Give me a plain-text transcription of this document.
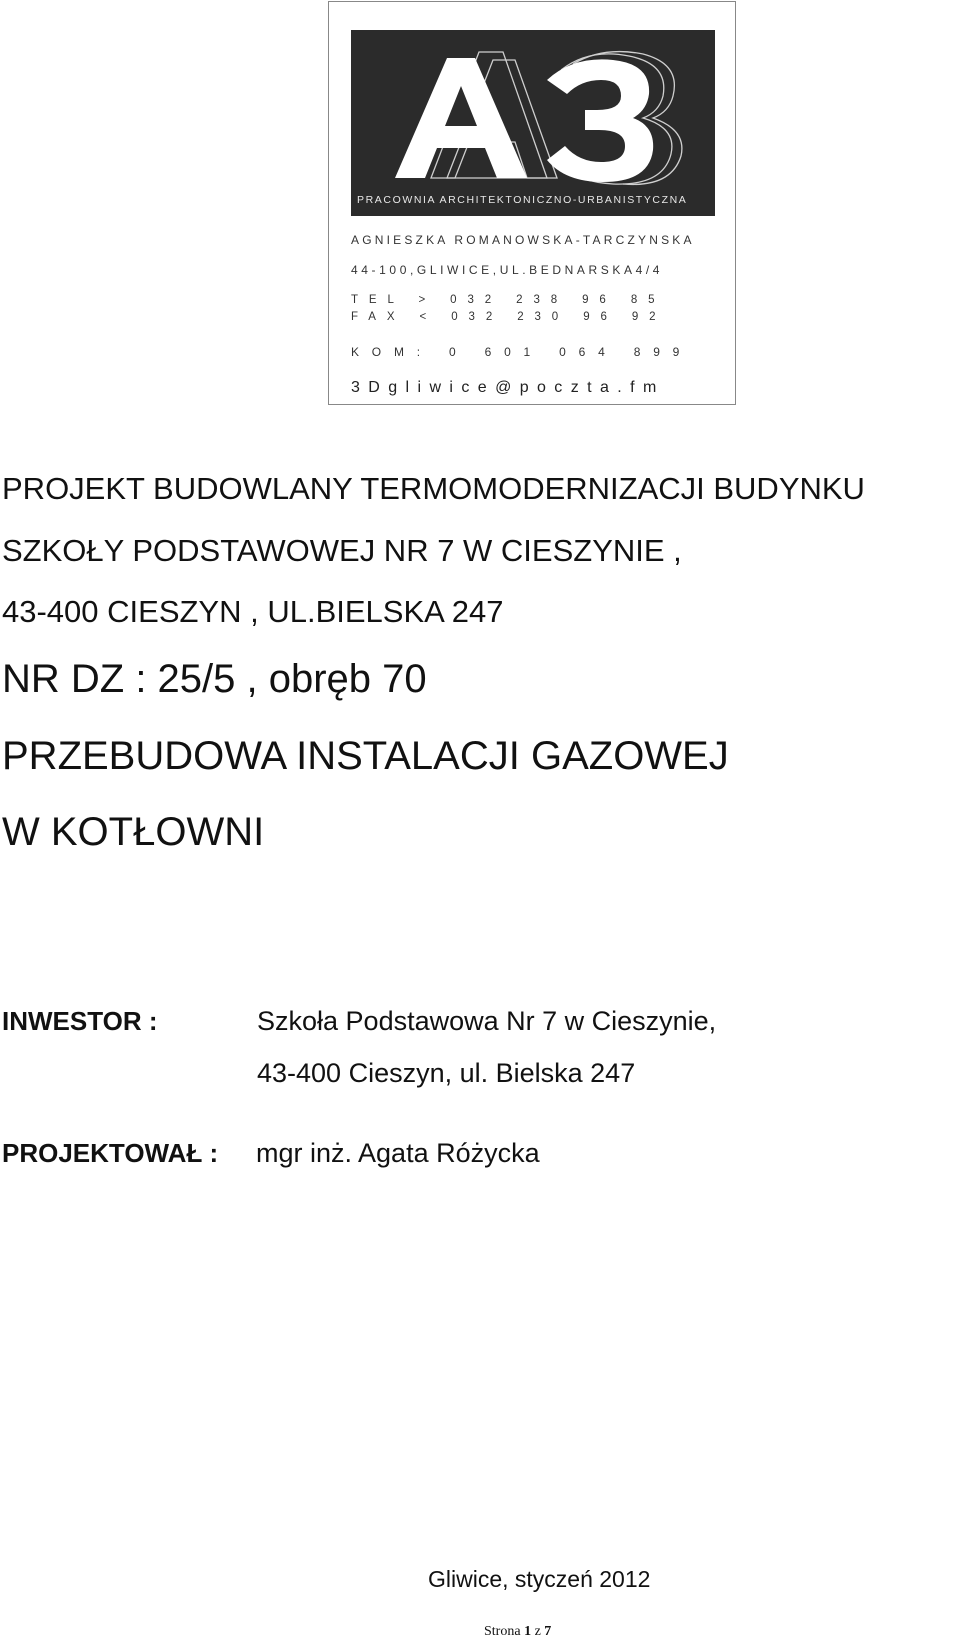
PRACOWNIA ARCHITEKTONICZNO-URBANISTYCZNA
AGNIESZKA ROMANOWSKA-TARCZYNSKA
44-100,GLIWICE,UL.BEDNARSKA4/4
TEL > 032 238 96 85
FAX < 032 230 96 92
KOM: 0 601 064 899
3Dgliwice@poczta.fm
PROJEKT BUDOWLANY TERMOMODERNIZACJI BUDYNKU
SZKOŁY PODSTAWOWEJ NR 7 W CIESZYNIE ,
43-400 CIESZYN , UL.BIELSKA 247
NR DZ : 25/5 , obręb 70
PRZEBUDOWA INSTALACJI GAZOWEJ
W KOTŁOWNI
INWESTOR :	Szkoła Podstawowa Nr 7 w Cieszynie,
43-400 Cieszyn, ul. Bielska 247
PROJEKTOWAŁ : mgr inż. Agata Różycka
Gliwice, styczeń 2012
Strona 1 z 7
